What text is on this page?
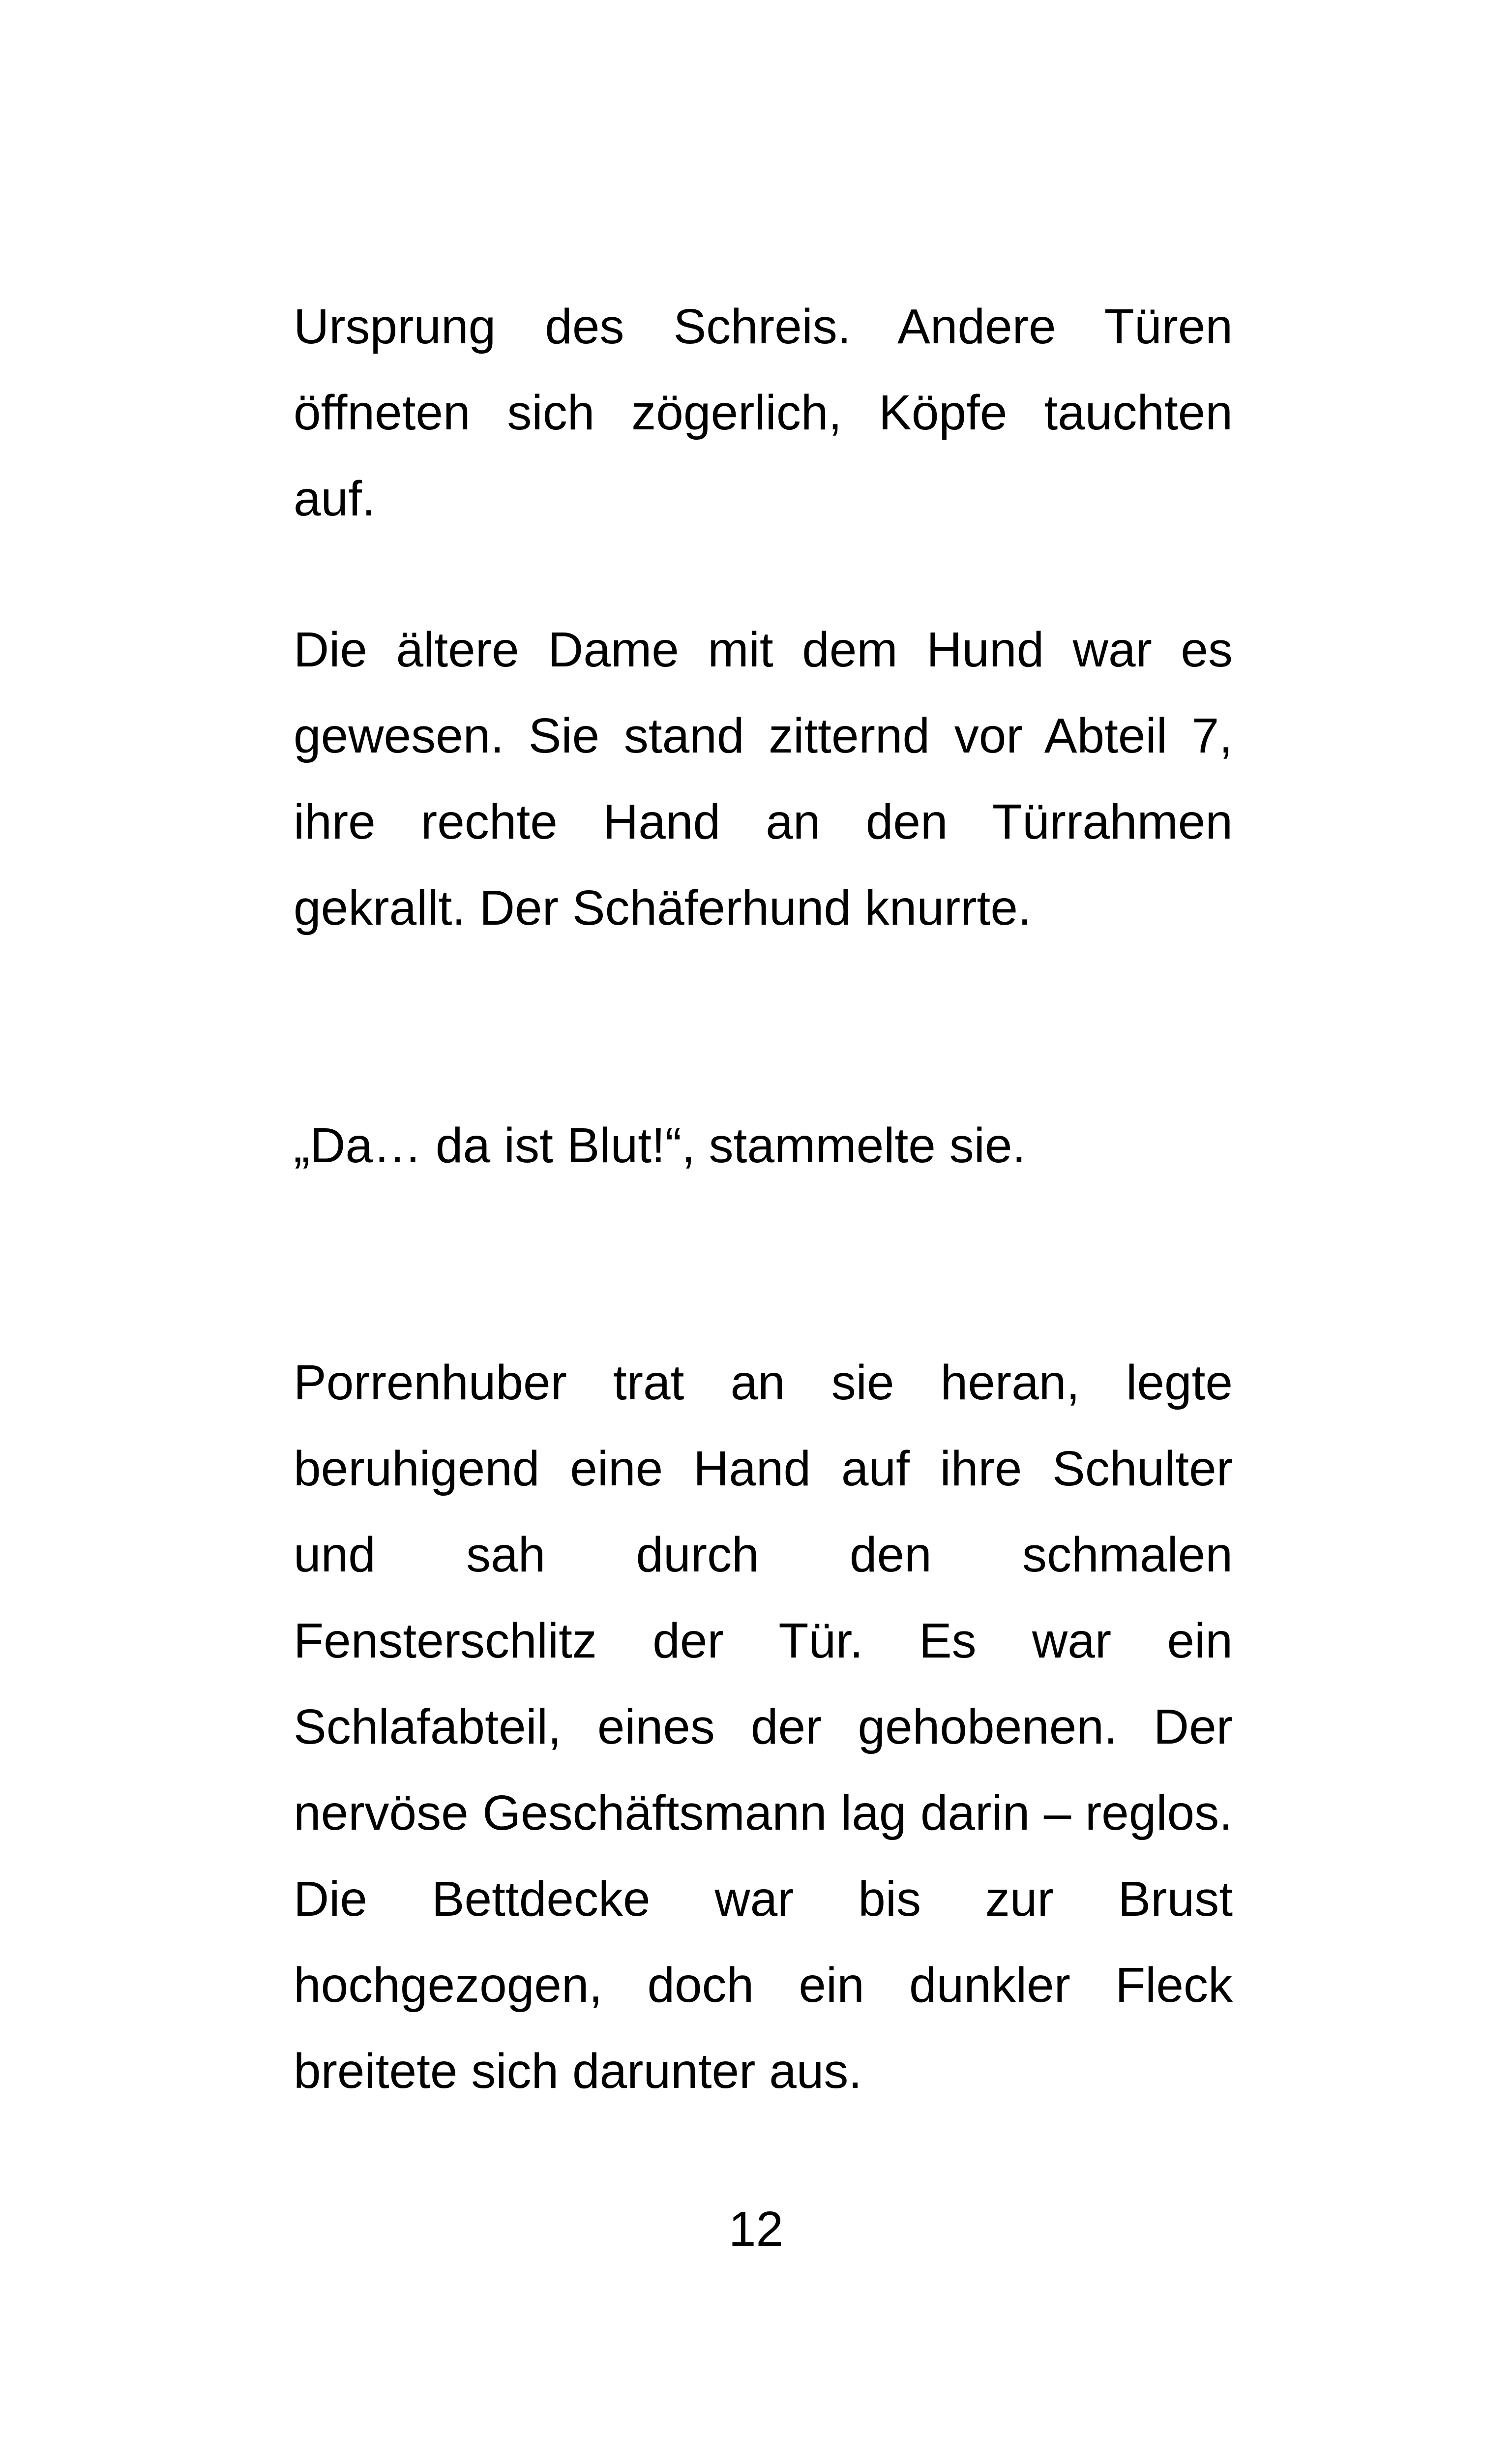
Ursprung des Schreis. Andere Türen öffneten sich zögerlich, Köpfe tauchten auf.

Die ältere Dame mit dem Hund war es gewesen. Sie stand zitternd vor Abteil 7, ihre rechte Hand an den Türrahmen gekrallt. Der Schäferhund knurrte.

„Da… da ist Blut!“, stammelte sie.

Porrenhuber trat an sie heran, legte beruhigend eine Hand auf ihre Schulter und sah durch den schmalen Fensterschlitz der Tür. Es war ein Schlafabteil, eines der gehobenen. Der nervöse Geschäftsmann lag darin – reglos. Die Bettdecke war bis zur Brust hochgezogen, doch ein dunkler Fleck breitete sich darunter aus.

12
